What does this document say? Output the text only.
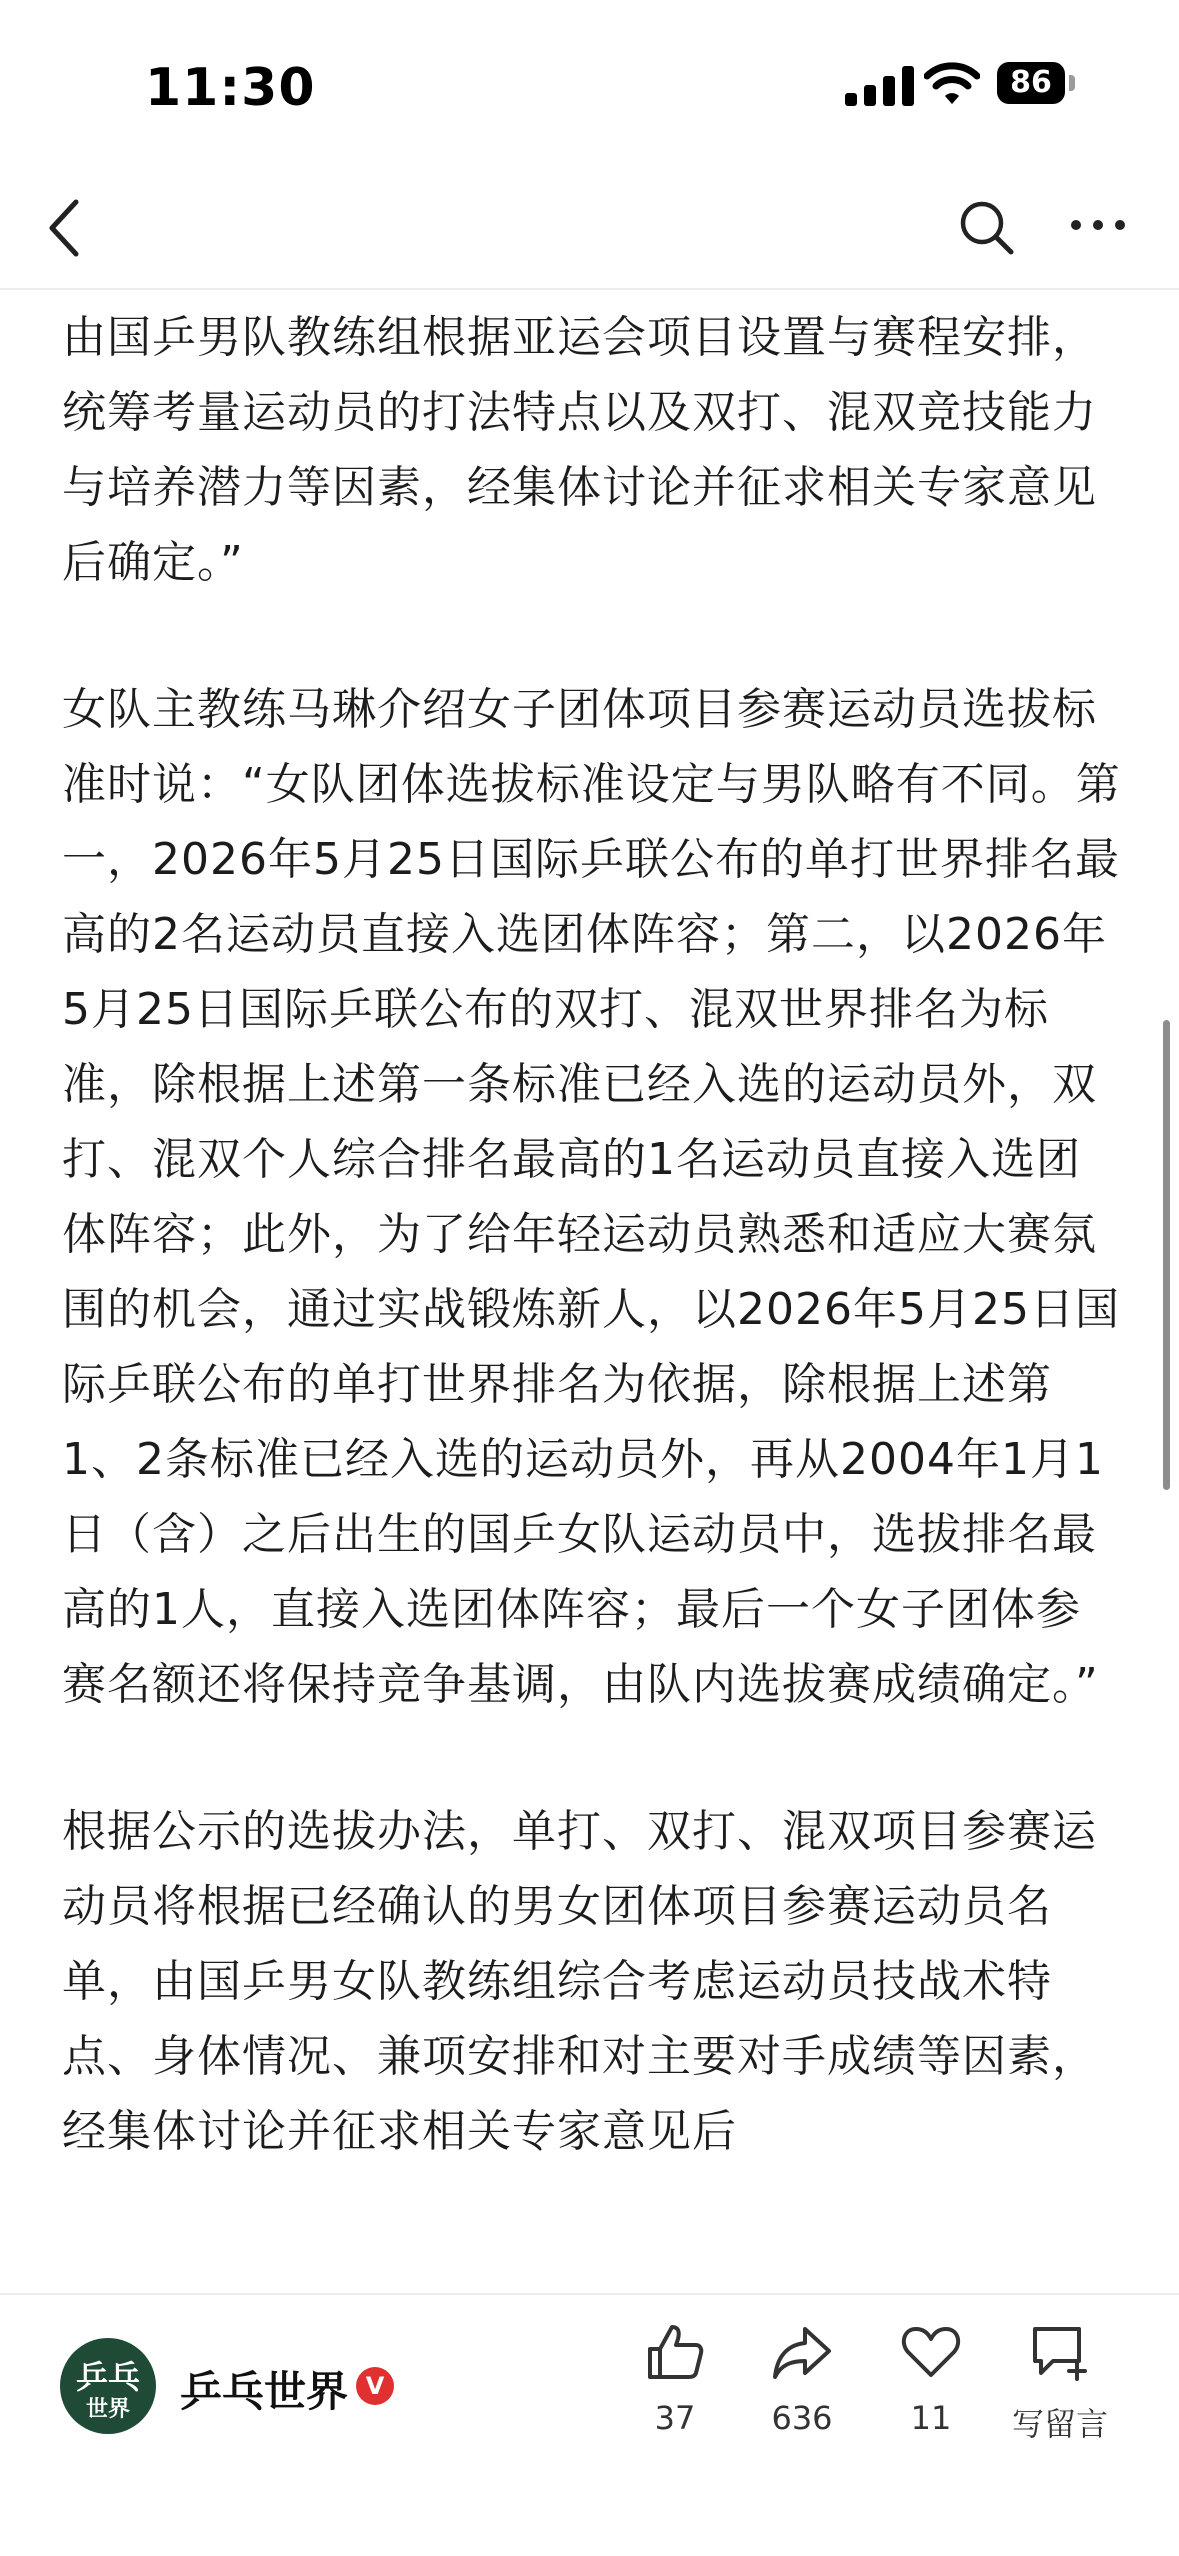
11:30	86

由国乒男队教练组根据亚运会项目设置与赛程安排，统筹考量运动员的打法特点以及双打、混双竞技能力与培养潜力等因素，经集体讨论并征求相关专家意见后确定。”

女队主教练马琳介绍女子团体项目参赛运动员选拔标准时说：“女队团体选拔标准设定与男队略有不同。第一，2026年5月25日国际乒联公布的单打世界排名最高的2名运动员直接入选团体阵容；第二，以2026年5月25日国际乒联公布的双打、混双世界排名为标准，除根据上述第一条标准已经入选的运动员外，双打、混双个人综合排名最高的1名运动员直接入选团体阵容；此外，为了给年轻运动员熟悉和适应大赛氛围的机会，通过实战锻炼新人，以2026年5月25日国际乒联公布的单打世界排名为依据，除根据上述第1、2条标准已经入选的运动员外，再从2004年1月1日（含）之后出生的国乒女队运动员中，选拔排名最高的1人，直接入选团体阵容；最后一个女子团体参赛名额还将保持竞争基调，由队内选拔赛成绩确定。”

根据公示的选拔办法，单打、双打、混双项目参赛运动员将根据已经确认的男女团体项目参赛运动员名单，由国乒男女队教练组综合考虑运动员技战术特点、身体情况、兼项安排和对主要对手成绩等因素，经集体讨论并征求相关专家意见后

乒乓
世界	乒乓世界 V
37	636	11	写留言
